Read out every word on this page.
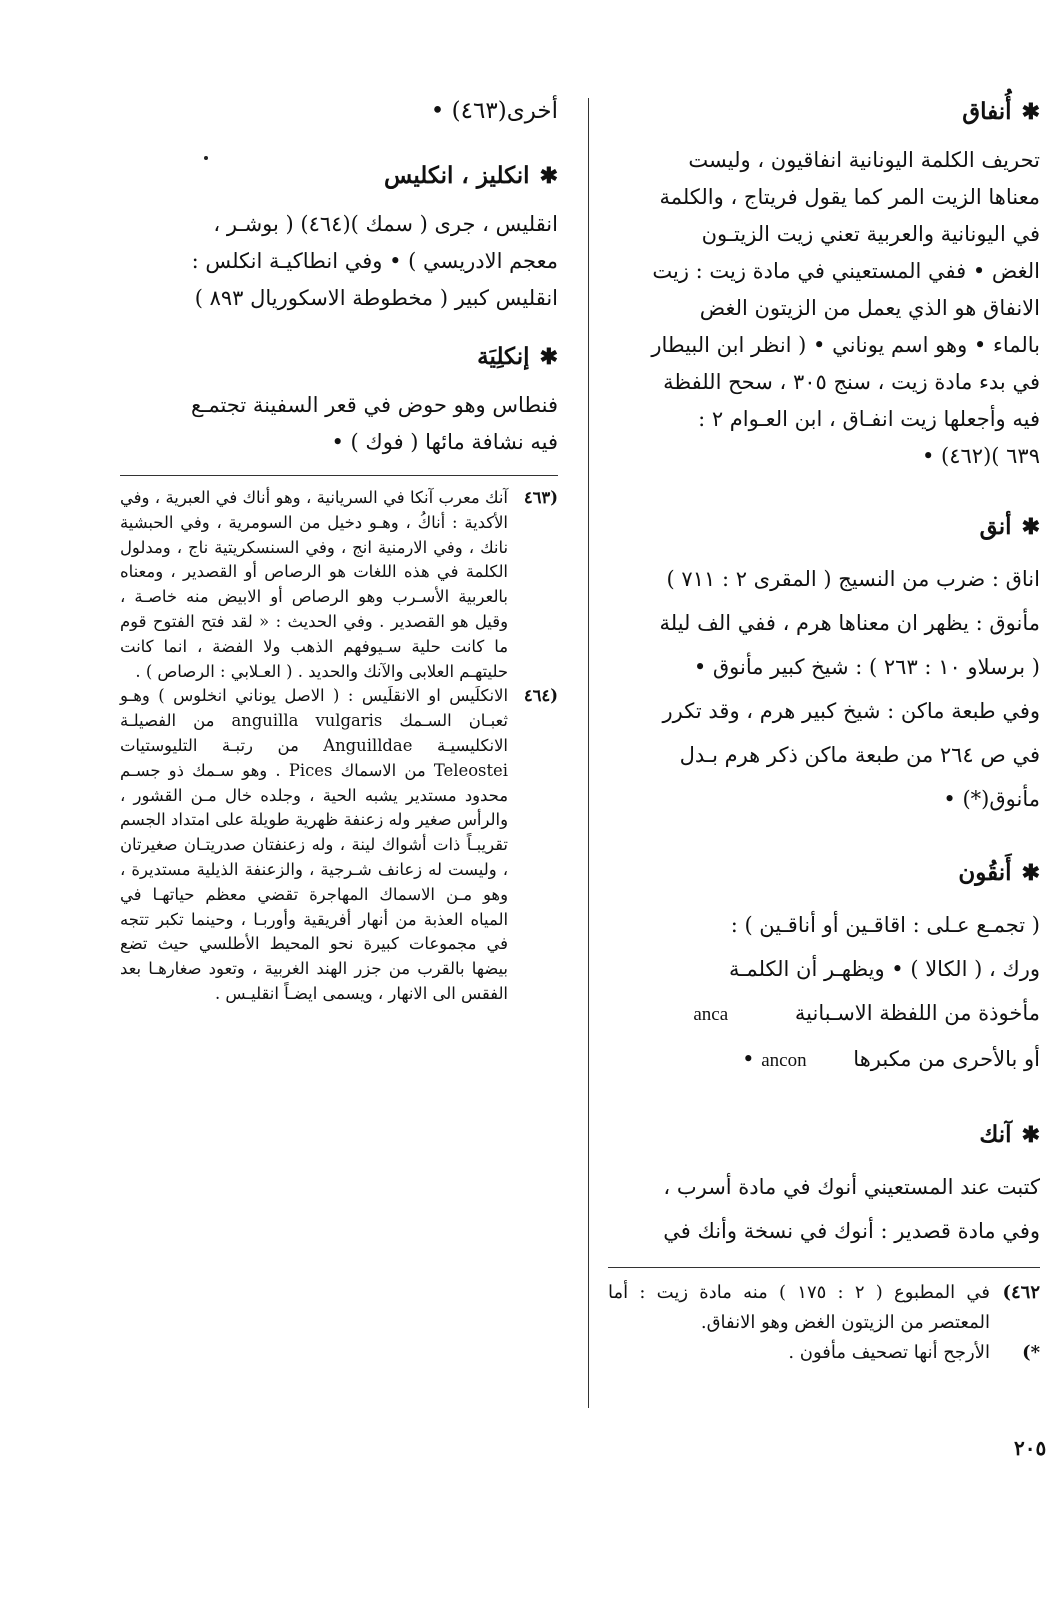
✱أُنفاق
تحريف الكلمة اليونانية انفاقيون ، وليست
معناها الزيت المر كما يقول فريتاج ، والكلمة
في اليونانية والعربية تعني زيت الزيتـون
الغض • ففي المستعيني في مادة زيت : زيت
الانفاق هو الذي يعمل من الزيتون الغض
بالماء • وهو اسم يوناني • ( انظر ابن البيطار
في بدء مادة زيت ، سنج ٣٠٥ ، سحح اللفظة
فيه وأجعلها زيت انفـاق ، ابن العـوام ٢ :
٦٣٩ )(٤٦٢) •
✱أنق
اناق : ضرب من النسيج ( المقرى ٢ : ٧١١ )
مأنوق : يظهر ان معناها هرم ، ففي الف ليلة
( برسلاو ١٠ : ٢٦٣ ) : شيخ كبير مأنوق •
وفي طبعة ماكن : شيخ كبير هرم ، وقد تكرر
في ص ٢٦٤ من طبعة ماكن ذكر هرم بـدل
مأنوق(*) •
✱أَنقُون
( تجمـع عـلى : اقاقـين أو أناقـين ) :
ورك ، ( الكالا ) • ويظهـر أن الكلمـة
مأخوذة من اللفظة الاسـبانية anca
أو بالأحرى من مكبرها ancon •
✱آنك
كتبت عند المستعيني أنوك في مادة أسرب ،
وفي مادة قصدير : أنوك في نسخة وأنك في
٤٦٢)
في المطبوع ( ٢ : ١٧٥ ) منه مادة زيت : أما المعتصر من الزيتون الغض وهو الانفاق.
*)
الأرجح أنها تصحيف مأفون .
أخرى(٤٦٣) •
✱انكليز ، انكليس
انقليس ، جرى ( سمك )(٤٦٤) ( بوشـر ،
معجم الادريسي ) • وفي انطاكيـة انكلس :
انقليس كبير ( مخطوطة الاسكوريال ٨٩٣ )
✱إنكلِيَة
فنطاس وهو حوض في قعر السفينة تجتمـع
فيه نشافة مائها ( فوك ) •
(٤٦٣
آنك معرب آنكا في السريانية ، وهو أناك في العبرية ، وفي الأكدية : أناكُ ، وهـو دخيل من السومرية ، وفي الحبشية نانك ، وفي الارمنية انج ، وفي السنسكريتية ناج ، ومدلول الكلمة في هذه اللغات هو الرصاص أو القصدير ، ومعناه بالعربية الأسـرب وهو الرصاص أو الابيض منه خاصـة ، وقيل هو القصدير . وفي الحديث : « لقد فتح الفتوح قوم ما كانت حلية سـيوفهم الذهب ولا الفضة ، انما كانت حليتهـم العلابى والآنك والحديد . ( العـلابي : الرصاص ) .
(٤٦٤
الانكلَيس او الانقلَيس : ( الاصل يوناني انخلوس ) وهـو ثعبـان السـمك anguilla vulgaris من الفصيلـة الانكليسيـة Anguilldae من رتبـة التليوستيات Teleostei من الاسماك Pices . وهو سـمك ذو جسـم محدود مستدير يشبه الحية ، وجلده خال مـن القشور ، والرأس صغير وله زعنفة ظهرية طويلة على امتداد الجسم تقريبـاً ذات أشواك لينة ، وله زعنفتان صدريتـان صغيرتان ، وليست له زعانف شـرجية ، والزعنفة الذيلية مستديرة ، وهو مـن الاسماك المهاجرة تقضي معظم حياتهـا في المياه العذبة من أنهار أفريقية وأوربـا ، وحينما تكبر تتجه في مجموعات كبيرة نحو المحيط الأطلسي حيث تضع بيضها بالقرب من جزر الهند الغربية ، وتعود صغارهـا بعد الفقس الى الانهار ، ويسمى ايضـاً انقليـس .
٢٠٥
